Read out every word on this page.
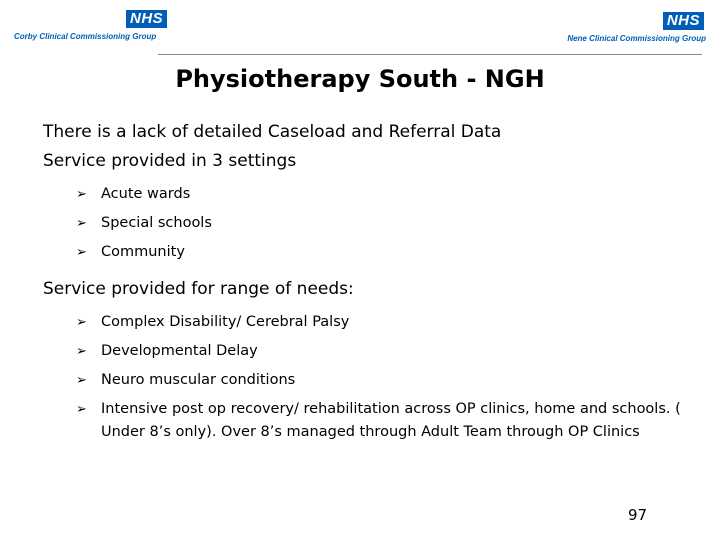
NHS
Corby Clinical Commissioning Group
NHS
Nene Clinical Commissioning Group
Physiotherapy South - NGH
There is a lack of detailed Caseload and Referral Data
Service provided in 3 settings
➢ Acute wards
➢ Special schools
➢ Community
Service provided for range of needs:
➢ Complex Disability/ Cerebral Palsy
➢ Developmental Delay
➢ Neuro muscular conditions
➢ Intensive post op recovery/ rehabilitation across OP clinics, home and schools. ( Under 8’s only). Over 8’s managed through Adult Team through OP Clinics
97
